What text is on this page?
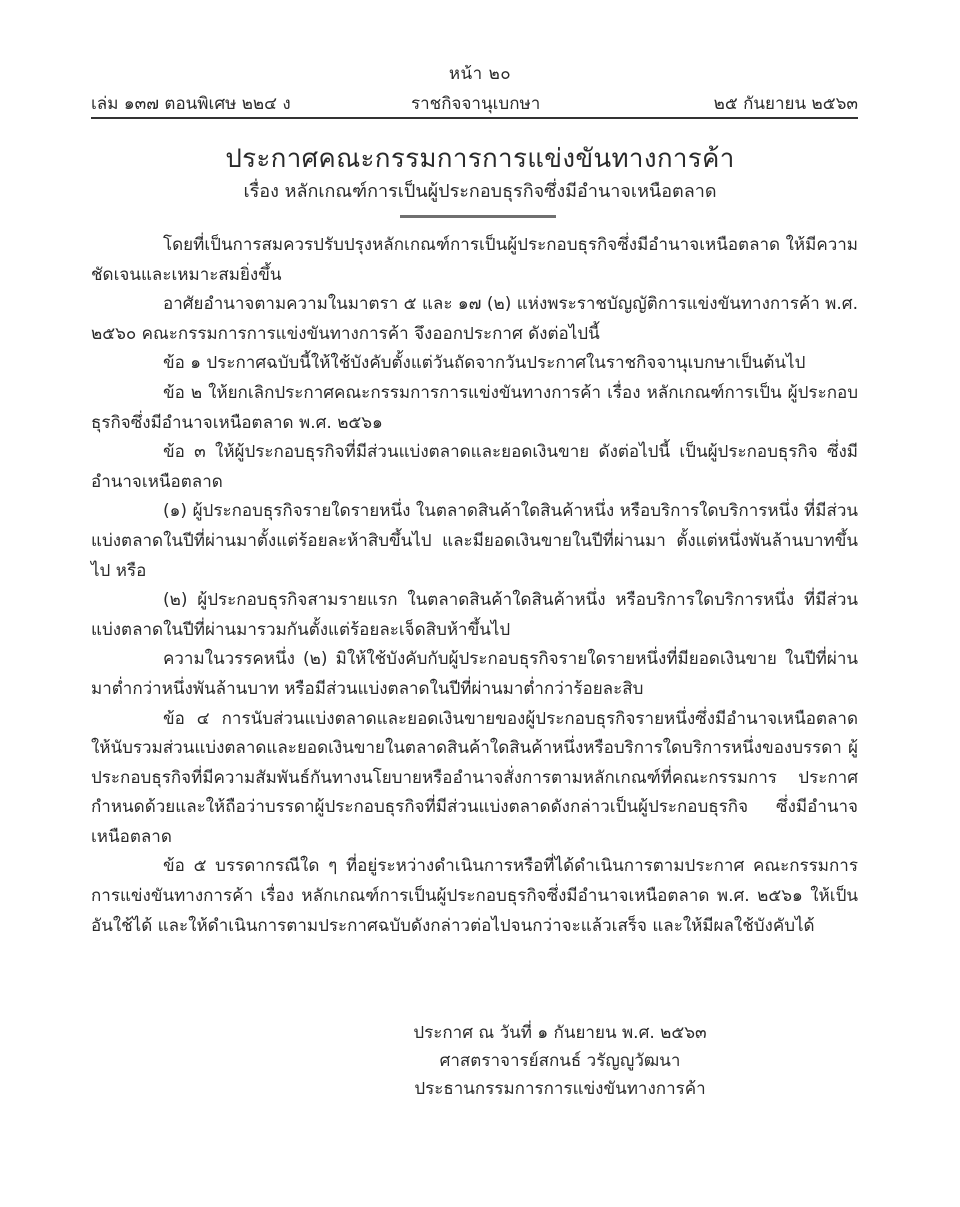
หน้า ๒๐
เล่ม ๑๓๗ ตอนพิเศษ ๒๒๔ ง	ราชกิจจานุเบกษา	๒๕ กันยายน ๒๕๖๓
ประกาศคณะกรรมการการแข่งขันทางการค้า
เรื่อง หลักเกณฑ์การเป็นผู้ประกอบธุรกิจซึ่งมีอำนาจเหนือตลาด

โดยที่เป็นการสมควรปรับปรุงหลักเกณฑ์การเป็นผู้ประกอบธุรกิจซึ่งมีอำนาจเหนือตลาด ให้มีความชัดเจนและเหมาะสมยิ่งขึ้น

อาศัยอำนาจตามความในมาตรา ๕ และ ๑๗ (๒) แห่งพระราชบัญญัติการแข่งขันทางการค้า พ.ศ. ๒๕๖๐ คณะกรรมการการแข่งขันทางการค้า จึงออกประกาศ ดังต่อไปนี้

ข้อ ๑ ประกาศฉบับนี้ให้ใช้บังคับตั้งแต่วันถัดจากวันประกาศในราชกิจจานุเบกษาเป็นต้นไป

ข้อ ๒ ให้ยกเลิกประกาศคณะกรรมการการแข่งขันทางการค้า เรื่อง หลักเกณฑ์การเป็น ผู้ประกอบธุรกิจซึ่งมีอำนาจเหนือตลาด พ.ศ. ๒๕๖๑

ข้อ ๓ ให้ผู้ประกอบธุรกิจที่มีส่วนแบ่งตลาดและยอดเงินขาย ดังต่อไปนี้ เป็นผู้ประกอบธุรกิจ ซึ่งมีอำนาจเหนือตลาด

(๑) ผู้ประกอบธุรกิจรายใดรายหนึ่ง ในตลาดสินค้าใดสินค้าหนึ่ง หรือบริการใดบริการหนึ่ง ที่มีส่วนแบ่งตลาดในปีที่ผ่านมาตั้งแต่ร้อยละห้าสิบขึ้นไป และมียอดเงินขายในปีที่ผ่านมา ตั้งแต่หนึ่งพันล้านบาทขึ้นไป หรือ

(๒) ผู้ประกอบธุรกิจสามรายแรก ในตลาดสินค้าใดสินค้าหนึ่ง หรือบริการใดบริการหนึ่ง ที่มีส่วนแบ่งตลาดในปีที่ผ่านมารวมกันตั้งแต่ร้อยละเจ็ดสิบห้าขึ้นไป

ความในวรรคหนึ่ง (๒) มิให้ใช้บังคับกับผู้ประกอบธุรกิจรายใดรายหนึ่งที่มียอดเงินขาย ในปีที่ผ่านมาต่ำกว่าหนึ่งพันล้านบาท หรือมีส่วนแบ่งตลาดในปีที่ผ่านมาต่ำกว่าร้อยละสิบ

ข้อ ๔ การนับส่วนแบ่งตลาดและยอดเงินขายของผู้ประกอบธุรกิจรายหนึ่งซึ่งมีอำนาจเหนือตลาด ให้นับรวมส่วนแบ่งตลาดและยอดเงินขายในตลาดสินค้าใดสินค้าหนึ่งหรือบริการใดบริการหนึ่งของบรรดา ผู้ประกอบธุรกิจที่มีความสัมพันธ์กันทางนโยบายหรืออำนาจสั่งการตามหลักเกณฑ์ที่คณะกรรมการ ประกาศกำหนดด้วยและให้ถือว่าบรรดาผู้ประกอบธุรกิจที่มีส่วนแบ่งตลาดดังกล่าวเป็นผู้ประกอบธุรกิจ ซึ่งมีอำนาจเหนือตลาด

ข้อ ๕ บรรดากรณีใด ๆ ที่อยู่ระหว่างดำเนินการหรือที่ได้ดำเนินการตามประกาศ คณะกรรมการการแข่งขันทางการค้า เรื่อง หลักเกณฑ์การเป็นผู้ประกอบธุรกิจซึ่งมีอำนาจเหนือตลาด พ.ศ. ๒๕๖๑ ให้เป็นอันใช้ได้ และให้ดำเนินการตามประกาศฉบับดังกล่าวต่อไปจนกว่าจะแล้วเสร็จ และให้มีผลใช้บังคับได้

ประกาศ ณ วันที่ ๑ กันยายน พ.ศ. ๒๕๖๓
ศาสตราจารย์สกนธ์ วรัญญูวัฒนา
ประธานกรรมการการแข่งขันทางการค้า
